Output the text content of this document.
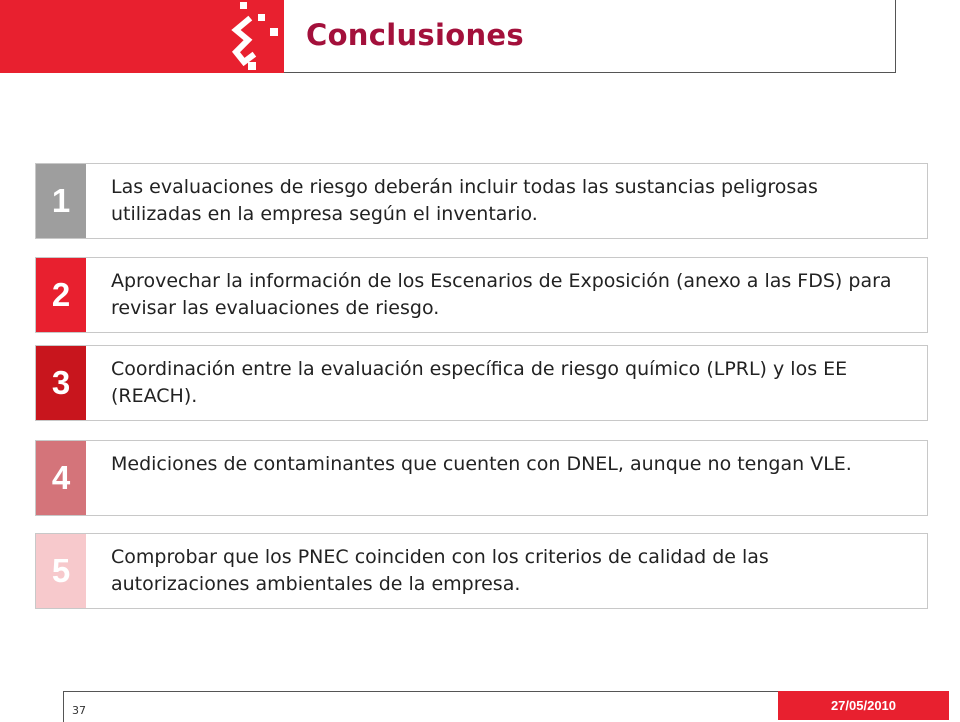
Conclusiones
1	Las evaluaciones de riesgo deberán incluir todas las sustancias peligrosas utilizadas en la empresa según el inventario.
2	Aprovechar la información de los Escenarios de Exposición (anexo a las FDS) para revisar las evaluaciones de riesgo.
3	Coordinación entre la evaluación específica de riesgo químico (LPRL) y los EE (REACH).
4	Mediciones de contaminantes que cuenten con DNEL, aunque no tengan VLE.
5	Comprobar que los PNEC coinciden con los criterios de calidad de las autorizaciones ambientales de la empresa.
37	27/05/2010
